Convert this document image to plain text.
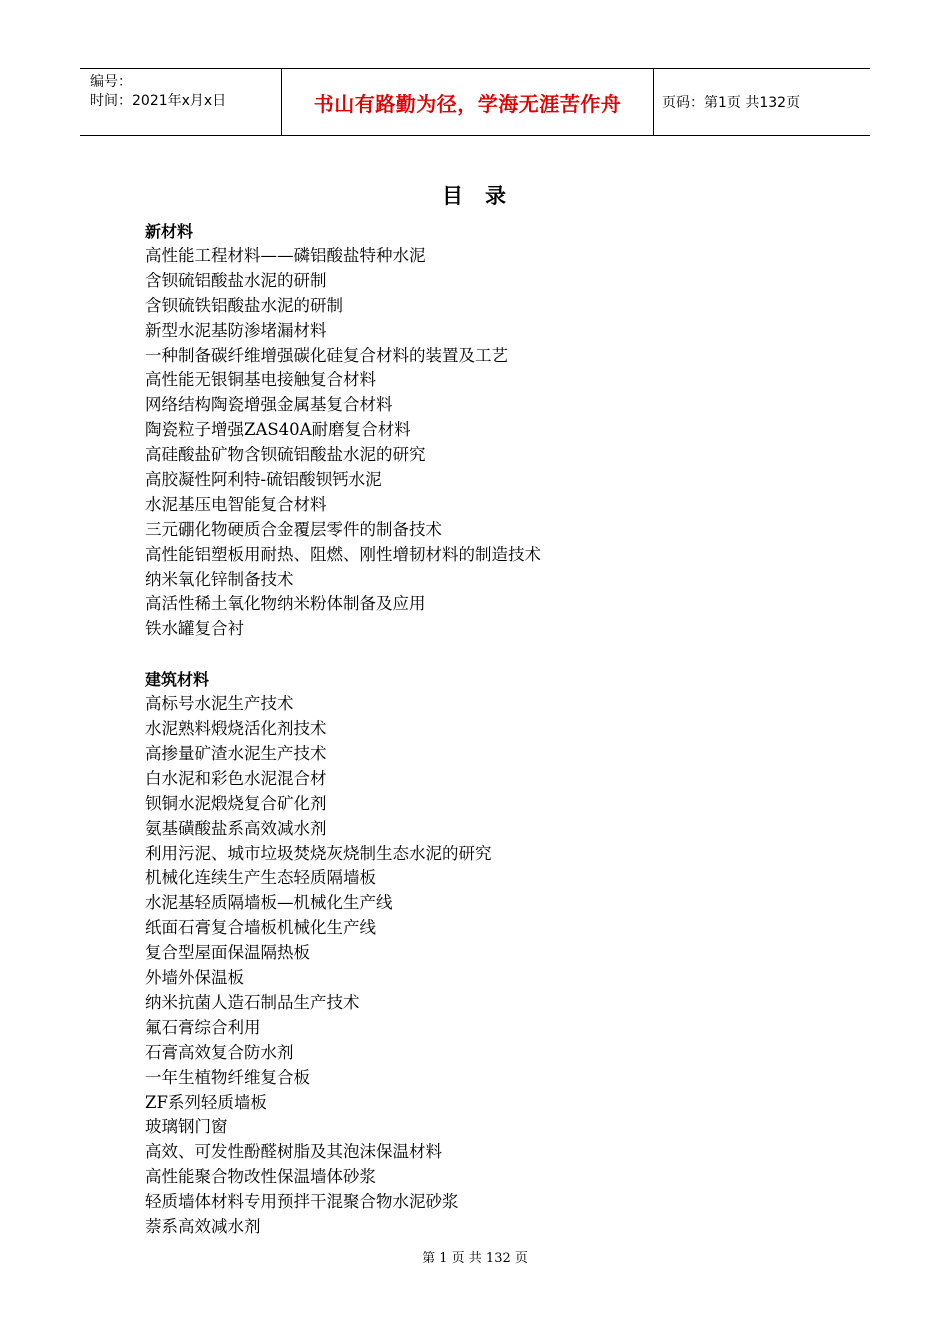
编号：
时间：2021年x月x日	书山有路勤为径，学海无涯苦作舟	页码：第1页 共132页
目录
新材料
高性能工程材料——磷铝酸盐特种水泥
含钡硫铝酸盐水泥的研制
含钡硫铁铝酸盐水泥的研制
新型水泥基防渗堵漏材料
一种制备碳纤维增强碳化硅复合材料的装置及工艺
高性能无银铜基电接触复合材料
网络结构陶瓷增强金属基复合材料
陶瓷粒子增强ZAS40A耐磨复合材料
高硅酸盐矿物含钡硫铝酸盐水泥的研究
高胶凝性阿利特-硫铝酸钡钙水泥
水泥基压电智能复合材料
三元硼化物硬质合金覆层零件的制备技术
高性能铝塑板用耐热、阻燃、刚性增韧材料的制造技术
纳米氧化锌制备技术
高活性稀土氧化物纳米粉体制备及应用
铁水罐复合衬
建筑材料
高标号水泥生产技术
水泥熟料煅烧活化剂技术
高掺量矿渣水泥生产技术
白水泥和彩色水泥混合材
钡铜水泥煅烧复合矿化剂
氨基磺酸盐系高效减水剂
利用污泥、城市垃圾焚烧灰烧制生态水泥的研究
机械化连续生产生态轻质隔墙板
水泥基轻质隔墙板—机械化生产线
纸面石膏复合墙板机械化生产线
复合型屋面保温隔热板
外墙外保温板
纳米抗菌人造石制品生产技术
氟石膏综合利用
石膏高效复合防水剂
一年生植物纤维复合板
ZF系列轻质墙板
玻璃钢门窗
高效、可发性酚醛树脂及其泡沫保温材料
高性能聚合物改性保温墙体砂浆
轻质墙体材料专用预拌干混聚合物水泥砂浆
萘系高效减水剂
第 1 页 共 132 页
